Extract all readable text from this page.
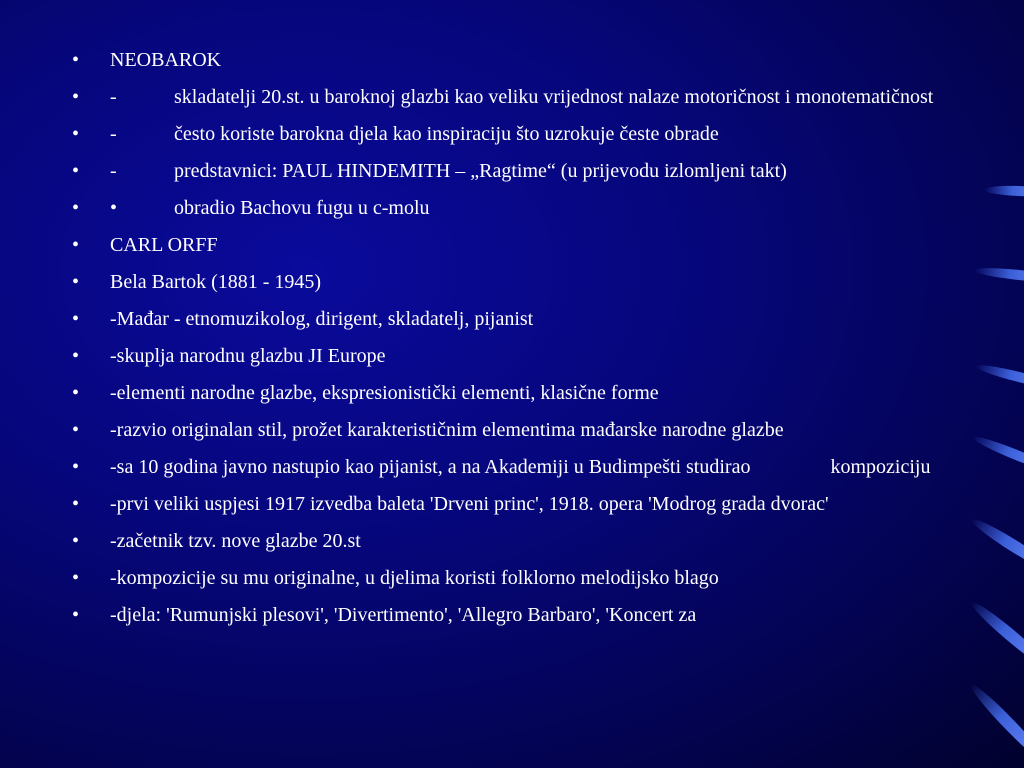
• NEOBAROK
• -	skladatelji 20.st. u baroknoj glazbi kao veliku vrijednost nalaze motoričnost i monotematičnost
• -	često koriste barokna djela kao inspiraciju što uzrokuje česte obrade
• -	predstavnici: PAUL HINDEMITH – „Ragtime“ (u prijevodu izlomljeni takt)
• •	obradio Bachovu fugu u c-molu
• CARL ORFF
• Bela Bartok (1881 - 1945)
• -Mađar - etnomuzikolog, dirigent, skladatelj, pijanist
• -skuplja narodnu glazbu JI Europe
• -elementi narodne glazbe, ekspresionistički elementi, klasične forme
• -razvio originalan stil, prožet karakterističnim elementima mađarske narodne glazbe
• -sa 10 godina javno nastupio kao pijanist, a na Akademiji u Budimpešti studirao	kompoziciju
• -prvi veliki uspjesi 1917 izvedba baleta 'Drveni princ', 1918. opera 'Modrog grada dvorac'
• -začetnik tzv. nove glazbe 20.st
• -kompozicije su mu originalne, u djelima koristi folklorno melodijsko blago
• -djela: 'Rumunjski plesovi', 'Divertimento', 'Allegro Barbaro', 'Koncert za
